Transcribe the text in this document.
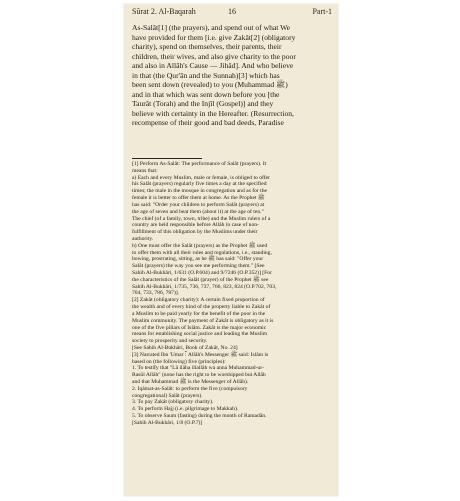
Sûrat 2. Al-Baqarah	16	Part-1

As-Salât[1] (the prayers), and spend out of what We

have provided for them [i.e. give Zakât[2] (obligatory

charity), spend on themselves, their parents, their

children, their wives, and also give charity to the poor

and also in Allâh's Cause — Jihâd]. And who believe

in that (the Qur'ân and the Sunnah)[3] which has

been sent down (revealed) to you (Muhammad ﷺ)

and in that which was sent down before you [the

Taurât (Torah) and the Injîl (Gospel)] and they

believe with certainty in the Hereafter. (Resurrection,

recompense of their good and bad deeds, Paradise

[1] Perform As-Salât: The performance of Salât (prayers). It

means that:

a) Each and every Muslim, male or female, is obliged to offer

his Salât (prayers) regularly five times a day at the specified

times; the male in the mosque in congregation and as for the

female it is better to offer them at home. As the Prophet ﷺ

has said: "Order your children to perform Salât (prayers) at

the age of seven and beat them (about it) at the age of ten."

The chief (of a family, town, tribe) and the Muslim rulers of a

country are held responsible before Allâh in case of non-

fulfillment of this obligation by the Muslims under their

authority.

b) One must offer the Salât (prayers) as the Prophet ﷺ used

to offer them with all their rules and regulations, i.e., standing,

bowing, prostrating, sitting, as he ﷺ has said: "Offer your

Salât (prayers) the way you see me performing them." [See

Sahih Al-Bukhâri, 1/631 (O.P.604) and 9/7246 (O.P.352)] [For

the characteristics of the Salât (prayer) of the Prophet ﷺ see

Sahih Al-Bukhâri, 1/735, 736, 737, 766, 823, 824 (O.P.702, 703,

704, 733, 786, 787)].

[2] Zakât (obligatory charity): A certain fixed proportion of

the wealth and of every kind of the property liable to Zakât of

a Muslim to be paid yearly for the benefit of the poor in the

Muslim community. The payment of Zakât is obligatory as it is

one of the five pillars of Islâm. Zakât is the major economic

means for establishing social justice and leading the Muslim

society to prosperity and security.

[See Sahih Al-Bukhâri, Book of Zakât, No. 24]

[3] Narrated Ibn 'Umar ؓ: Allâh's Messenger ﷺ said: Islâm is

based on (the following) five (principles):

1. To testify that "Lâ ilâha illallâh wa anna Muhammad-ur-

Rasûl Allâh" (none has the right to be worshipped but Allâh

and that Muhammad ﷺ is the Messenger of Allâh).

2. Iqâmat-as-Salât: to perform the five (compulsory

congregational) Salât (prayers).

3. To pay Zakât (obligatory charity).

4. To perform Hajj (i.e. pilgrimage to Makkah).

5. To observe Saum (fasting) during the month of Ramadân.

[Sahih Al-Bukhâri, 1/8 (O.P.7)]
